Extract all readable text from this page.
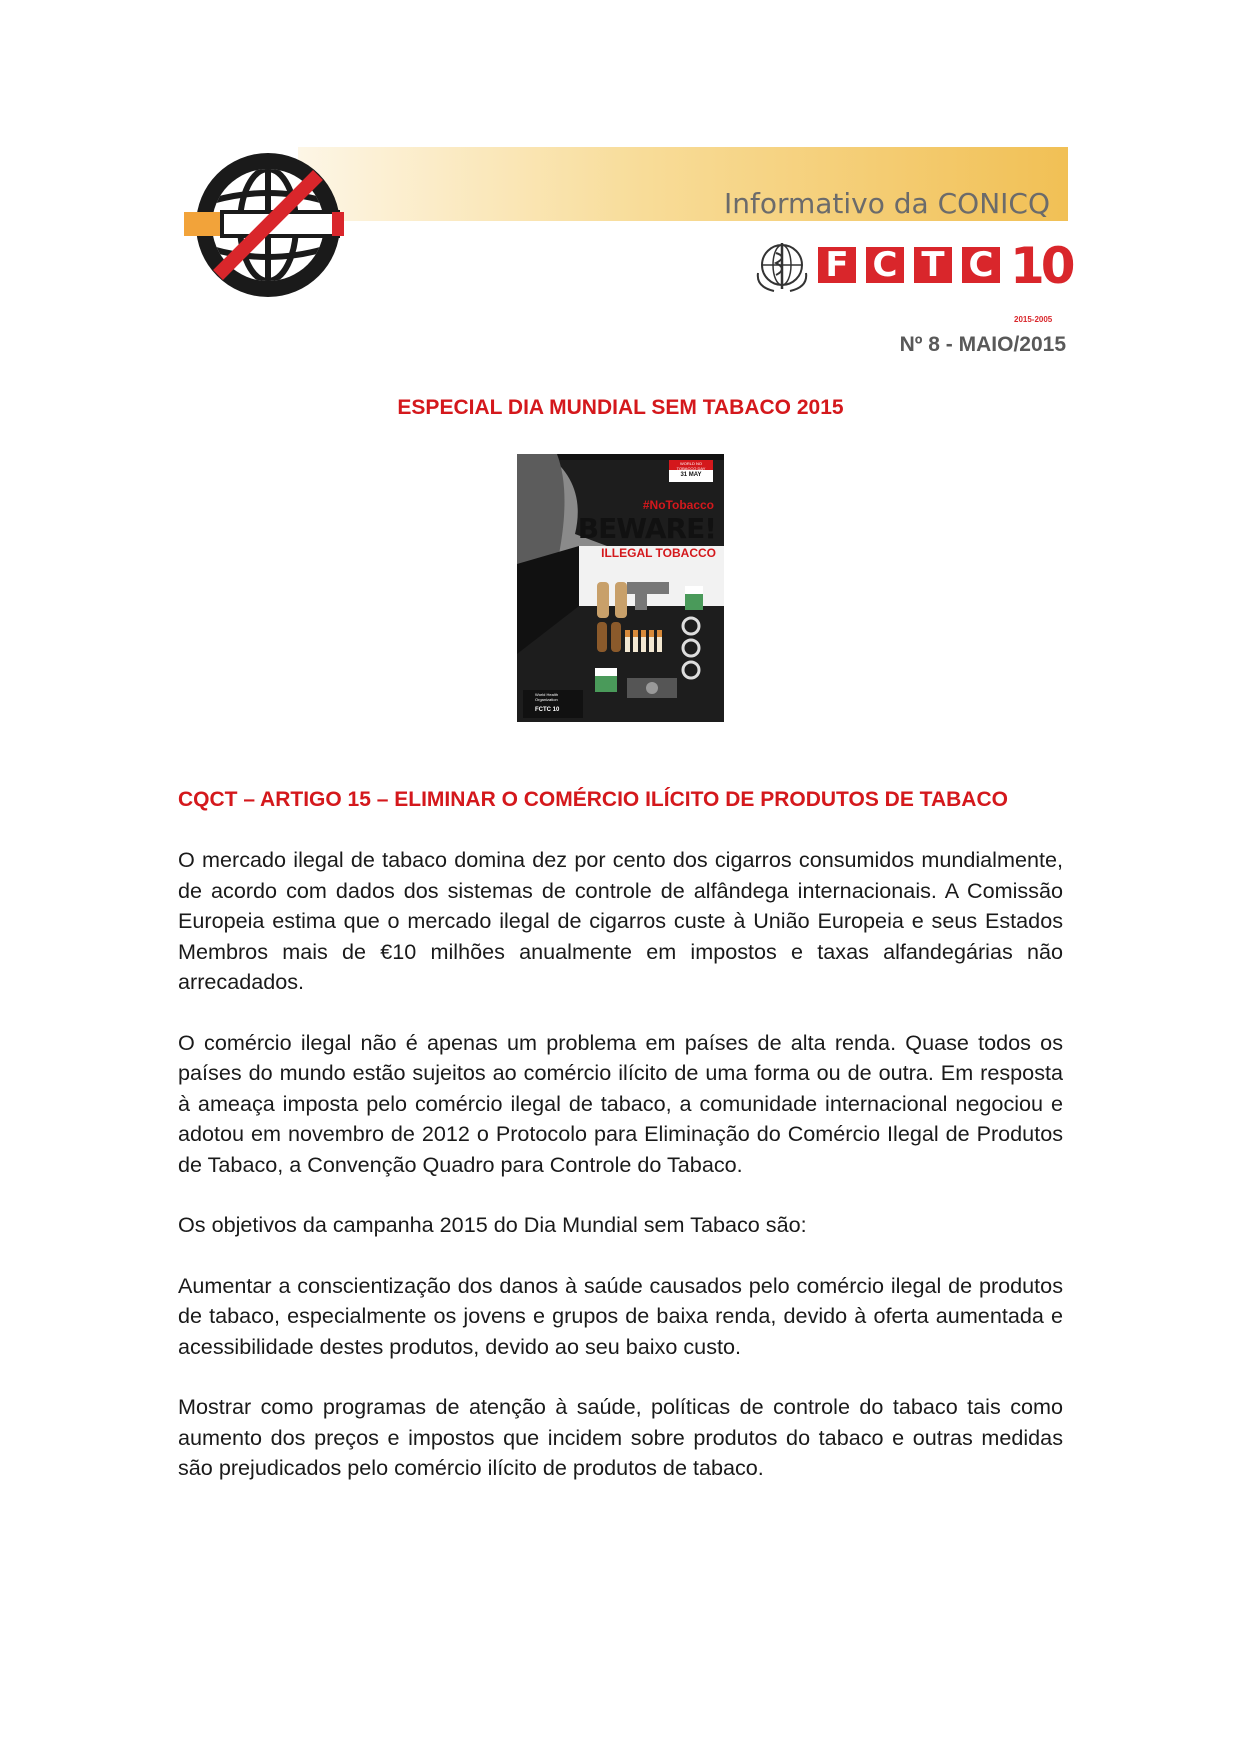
Informativo da CONICQ
F C T C 10
2015-2005
Nº 8 - MAIO/2015
ESPECIAL DIA MUNDIAL SEM TABACO 2015
WORLD NO TOBACCO DAY
31 MAY
#NoTobacco
BEWARE!
ILLEGAL TOBACCO
World Health Organization
FCTC 10
CQCT – ARTIGO 15 – ELIMINAR O COMÉRCIO ILÍCITO DE PRODUTOS DE TABACO

O mercado ilegal de tabaco domina dez por cento dos cigarros consumidos mundialmente, de acordo com dados dos sistemas de controle de alfândega internacionais. A Comissão Europeia estima que o mercado ilegal de cigarros custe à União Europeia e seus Estados Membros mais de €10 milhões anualmente em impostos e taxas alfandegárias não arrecadados.

O comércio ilegal não é apenas um problema em países de alta renda. Quase todos os países do mundo estão sujeitos ao comércio ilícito de uma forma ou de outra. Em resposta à ameaça imposta pelo comércio ilegal de tabaco, a comunidade internacional negociou e adotou em novembro de 2012 o Protocolo para Eliminação do Comércio Ilegal de Produtos de Tabaco, a Convenção Quadro para Controle do Tabaco.

Os objetivos da campanha 2015 do Dia Mundial sem Tabaco são:

Aumentar a conscientização dos danos à saúde causados pelo comércio ilegal de produtos de tabaco, especialmente os jovens e grupos de baixa renda, devido à oferta aumentada e acessibilidade destes produtos, devido ao seu baixo custo.

Mostrar como programas de atenção à saúde, políticas de controle do tabaco tais como aumento dos preços e impostos que incidem sobre produtos do tabaco e outras medidas são prejudicados pelo comércio ilícito de produtos de tabaco.
